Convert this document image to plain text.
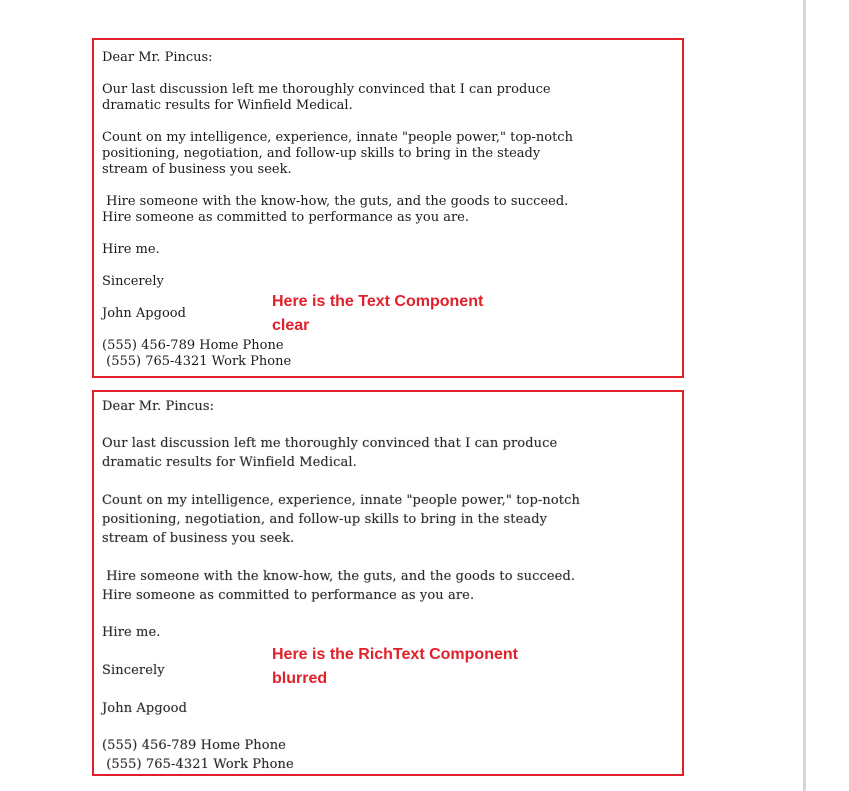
Dear Mr. Pincus:

Our last discussion left me thoroughly convinced that I can produce

dramatic results for Winfield Medical.

Count on my intelligence, experience, innate "people power," top-notch

positioning, negotiation, and follow-up skills to bring in the steady

stream of business you seek.

Hire someone with the know-how, the guts, and the goods to succeed.

Hire someone as committed to performance as you are.

Hire me.

Sincerely

John Apgood

(555) 456-789 Home Phone

(555) 765-4321 Work Phone

Here is the Text Component

clear

Dear Mr. Pincus:

Our last discussion left me thoroughly convinced that I can produce

dramatic results for Winfield Medical.

Count on my intelligence, experience, innate "people power," top-notch

positioning, negotiation, and follow-up skills to bring in the steady

stream of business you seek.

Hire someone with the know-how, the guts, and the goods to succeed.

Hire someone as committed to performance as you are.

Hire me.

Sincerely

John Apgood

(555) 456-789 Home Phone

(555) 765-4321 Work Phone

Here is the RichText Component

blurred
